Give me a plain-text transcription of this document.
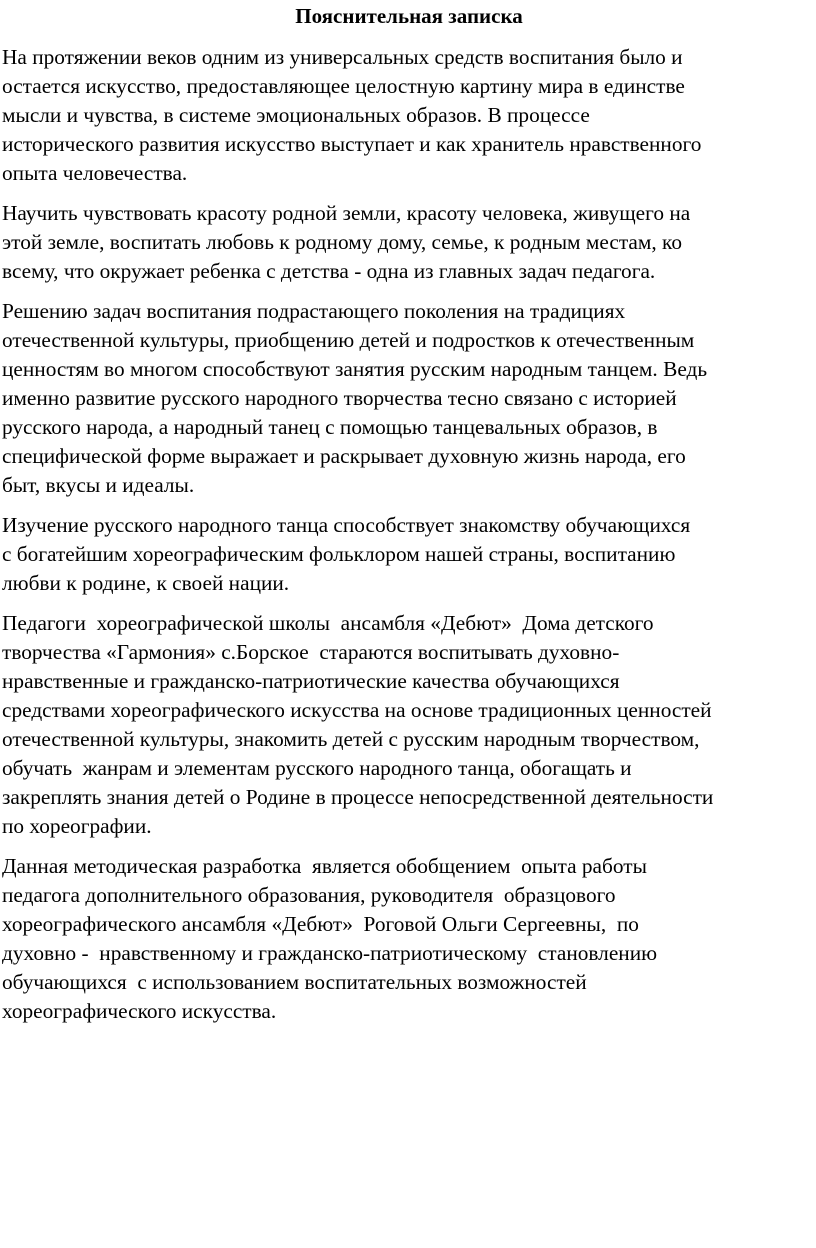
Пояснительная записка
На протяжении веков одним из универсальных средств воспитания было и
остается искусство, предоставляющее целостную картину мира в единстве
мысли и чувства, в системе эмоциональных образов. В процессе
исторического развития искусство выступает и как хранитель нравственного
опыта человечества.
Научить чувствовать красоту родной земли, красоту человека, живущего на
этой земле, воспитать любовь к родному дому, семье, к родным местам, ко
всему, что окружает ребенка с детства - одна из главных задач педагога.
Решению задач воспитания подрастающего поколения на традициях
отечественной культуры, приобщению детей и подростков к отечественным
ценностям во многом способствуют занятия русским народным танцем. Ведь
именно развитие русского народного творчества тесно связано с историей
русского народа, а народный танец с помощью танцевальных образов, в
специфической форме выражает и раскрывает духовную жизнь народа, его
быт, вкусы и идеалы.
Изучение русского народного танца способствует знакомству обучающихся
с богатейшим хореографическим фольклором нашей страны, воспитанию
любви к родине, к своей нации.
Педагоги  хореографической школы  ансамбля «Дебют»  Дома детского
творчества «Гармония» с.Борское  стараются воспитывать духовно-
нравственные и гражданско-патриотические качества обучающихся
средствами хореографического искусства на основе традиционных ценностей
отечественной культуры, знакомить детей с русским народным творчеством,
обучать  жанрам и элементам русского народного танца, обогащать и
закреплять знания детей о Родине в процессе непосредственной деятельности
по хореографии.
Данная методическая разработка  является обобщением  опыта работы
педагога дополнительного образования, руководителя  образцового
хореографического ансамбля «Дебют»  Роговой Ольги Сергеевны,  по
духовно -  нравственному и гражданско-патриотическому  становлению
обучающихся  с использованием воспитательных возможностей
хореографического искусства.
